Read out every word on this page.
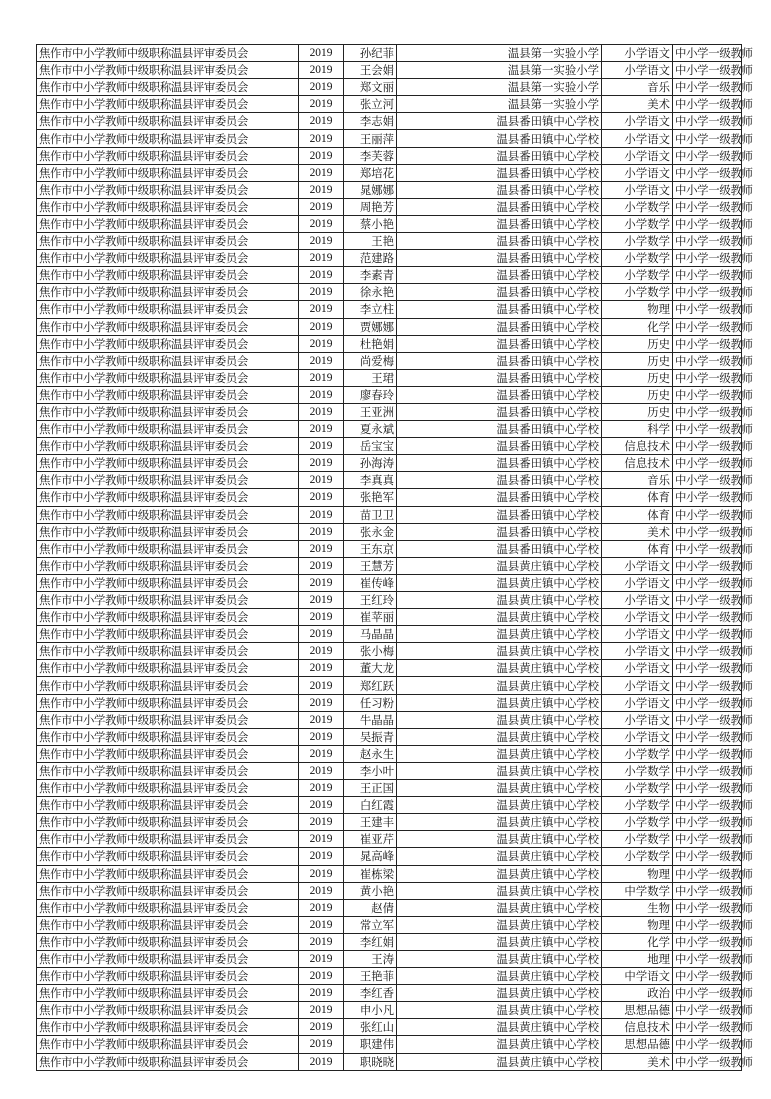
焦作市中小学教师中级职称温县评审委员会	2019	孙纪菲	温县第一实验小学	小学语文	中小学一级教师
焦作市中小学教师中级职称温县评审委员会	2019	王会娟	温县第一实验小学	小学语文	中小学一级教师
焦作市中小学教师中级职称温县评审委员会	2019	郑文丽	温县第一实验小学	音乐	中小学一级教师
焦作市中小学教师中级职称温县评审委员会	2019	张立河	温县第一实验小学	美术	中小学一级教师
焦作市中小学教师中级职称温县评审委员会	2019	李志娟	温县番田镇中心学校	小学语文	中小学一级教师
焦作市中小学教师中级职称温县评审委员会	2019	王丽萍	温县番田镇中心学校	小学语文	中小学一级教师
焦作市中小学教师中级职称温县评审委员会	2019	李芙蓉	温县番田镇中心学校	小学语文	中小学一级教师
焦作市中小学教师中级职称温县评审委员会	2019	郑培花	温县番田镇中心学校	小学语文	中小学一级教师
焦作市中小学教师中级职称温县评审委员会	2019	晁娜娜	温县番田镇中心学校	小学语文	中小学一级教师
焦作市中小学教师中级职称温县评审委员会	2019	周艳芳	温县番田镇中心学校	小学数学	中小学一级教师
焦作市中小学教师中级职称温县评审委员会	2019	蔡小艳	温县番田镇中心学校	小学数学	中小学一级教师
焦作市中小学教师中级职称温县评审委员会	2019	王艳	温县番田镇中心学校	小学数学	中小学一级教师
焦作市中小学教师中级职称温县评审委员会	2019	范建路	温县番田镇中心学校	小学数学	中小学一级教师
焦作市中小学教师中级职称温县评审委员会	2019	李素青	温县番田镇中心学校	小学数学	中小学一级教师
焦作市中小学教师中级职称温县评审委员会	2019	徐永艳	温县番田镇中心学校	小学数学	中小学一级教师
焦作市中小学教师中级职称温县评审委员会	2019	李立柱	温县番田镇中心学校	物理	中小学一级教师
焦作市中小学教师中级职称温县评审委员会	2019	贾娜娜	温县番田镇中心学校	化学	中小学一级教师
焦作市中小学教师中级职称温县评审委员会	2019	杜艳娟	温县番田镇中心学校	历史	中小学一级教师
焦作市中小学教师中级职称温县评审委员会	2019	尚爱梅	温县番田镇中心学校	历史	中小学一级教师
焦作市中小学教师中级职称温县评审委员会	2019	王珺	温县番田镇中心学校	历史	中小学一级教师
焦作市中小学教师中级职称温县评审委员会	2019	廖春玲	温县番田镇中心学校	历史	中小学一级教师
焦作市中小学教师中级职称温县评审委员会	2019	王亚洲	温县番田镇中心学校	历史	中小学一级教师
焦作市中小学教师中级职称温县评审委员会	2019	夏永斌	温县番田镇中心学校	科学	中小学一级教师
焦作市中小学教师中级职称温县评审委员会	2019	岳宝宝	温县番田镇中心学校	信息技术	中小学一级教师
焦作市中小学教师中级职称温县评审委员会	2019	孙海涛	温县番田镇中心学校	信息技术	中小学一级教师
焦作市中小学教师中级职称温县评审委员会	2019	李真真	温县番田镇中心学校	音乐	中小学一级教师
焦作市中小学教师中级职称温县评审委员会	2019	张艳军	温县番田镇中心学校	体育	中小学一级教师
焦作市中小学教师中级职称温县评审委员会	2019	苗卫卫	温县番田镇中心学校	体育	中小学一级教师
焦作市中小学教师中级职称温县评审委员会	2019	张永金	温县番田镇中心学校	美术	中小学一级教师
焦作市中小学教师中级职称温县评审委员会	2019	王东京	温县番田镇中心学校	体育	中小学一级教师
焦作市中小学教师中级职称温县评审委员会	2019	王慧芳	温县黄庄镇中心学校	小学语文	中小学一级教师
焦作市中小学教师中级职称温县评审委员会	2019	崔传峰	温县黄庄镇中心学校	小学语文	中小学一级教师
焦作市中小学教师中级职称温县评审委员会	2019	王红玲	温县黄庄镇中心学校	小学语文	中小学一级教师
焦作市中小学教师中级职称温县评审委员会	2019	崔苹丽	温县黄庄镇中心学校	小学语文	中小学一级教师
焦作市中小学教师中级职称温县评审委员会	2019	马晶晶	温县黄庄镇中心学校	小学语文	中小学一级教师
焦作市中小学教师中级职称温县评审委员会	2019	张小梅	温县黄庄镇中心学校	小学语文	中小学一级教师
焦作市中小学教师中级职称温县评审委员会	2019	董大龙	温县黄庄镇中心学校	小学语文	中小学一级教师
焦作市中小学教师中级职称温县评审委员会	2019	郑红跃	温县黄庄镇中心学校	小学语文	中小学一级教师
焦作市中小学教师中级职称温县评审委员会	2019	任习粉	温县黄庄镇中心学校	小学语文	中小学一级教师
焦作市中小学教师中级职称温县评审委员会	2019	牛晶晶	温县黄庄镇中心学校	小学语文	中小学一级教师
焦作市中小学教师中级职称温县评审委员会	2019	吴振青	温县黄庄镇中心学校	小学语文	中小学一级教师
焦作市中小学教师中级职称温县评审委员会	2019	赵永生	温县黄庄镇中心学校	小学数学	中小学一级教师
焦作市中小学教师中级职称温县评审委员会	2019	李小叶	温县黄庄镇中心学校	小学数学	中小学一级教师
焦作市中小学教师中级职称温县评审委员会	2019	王正国	温县黄庄镇中心学校	小学数学	中小学一级教师
焦作市中小学教师中级职称温县评审委员会	2019	白红霞	温县黄庄镇中心学校	小学数学	中小学一级教师
焦作市中小学教师中级职称温县评审委员会	2019	王建丰	温县黄庄镇中心学校	小学数学	中小学一级教师
焦作市中小学教师中级职称温县评审委员会	2019	崔亚芹	温县黄庄镇中心学校	小学数学	中小学一级教师
焦作市中小学教师中级职称温县评审委员会	2019	晁高峰	温县黄庄镇中心学校	小学数学	中小学一级教师
焦作市中小学教师中级职称温县评审委员会	2019	崔栋梁	温县黄庄镇中心学校	物理	中小学一级教师
焦作市中小学教师中级职称温县评审委员会	2019	黄小艳	温县黄庄镇中心学校	中学数学	中小学一级教师
焦作市中小学教师中级职称温县评审委员会	2019	赵倩	温县黄庄镇中心学校	生物	中小学一级教师
焦作市中小学教师中级职称温县评审委员会	2019	常立军	温县黄庄镇中心学校	物理	中小学一级教师
焦作市中小学教师中级职称温县评审委员会	2019	李红娟	温县黄庄镇中心学校	化学	中小学一级教师
焦作市中小学教师中级职称温县评审委员会	2019	王涛	温县黄庄镇中心学校	地理	中小学一级教师
焦作市中小学教师中级职称温县评审委员会	2019	王艳菲	温县黄庄镇中心学校	中学语文	中小学一级教师
焦作市中小学教师中级职称温县评审委员会	2019	李红香	温县黄庄镇中心学校	政治	中小学一级教师
焦作市中小学教师中级职称温县评审委员会	2019	申小凡	温县黄庄镇中心学校	思想品德	中小学一级教师
焦作市中小学教师中级职称温县评审委员会	2019	张红山	温县黄庄镇中心学校	信息技术	中小学一级教师
焦作市中小学教师中级职称温县评审委员会	2019	职建伟	温县黄庄镇中心学校	思想品德	中小学一级教师
焦作市中小学教师中级职称温县评审委员会	2019	职晓晓	温县黄庄镇中心学校	美术	中小学一级教师
